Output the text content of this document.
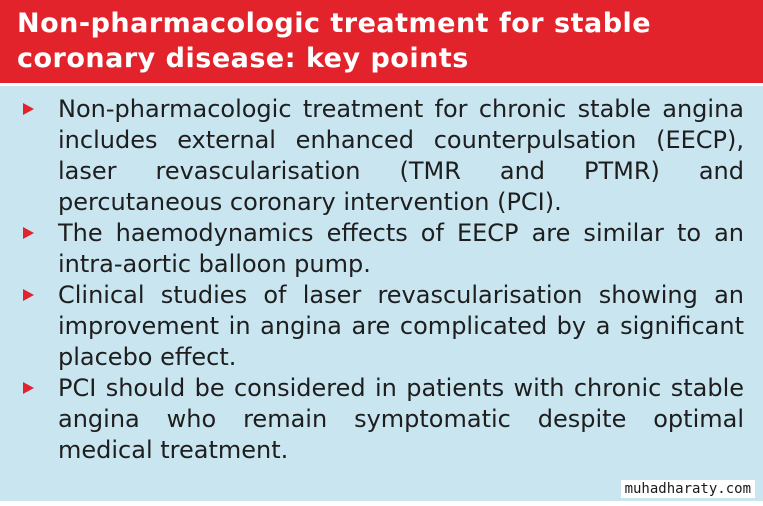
Non-pharmacologic treatment for stable coronary disease: key points
Non-pharmacologic treatment for chronic stable angina includes external enhanced counterpulsation (EECP), laser revascularisation (TMR and PTMR) and percutaneous coronary intervention (PCI).
The haemodynamics effects of EECP are similar to an intra-aortic balloon pump.
Clinical studies of laser revascularisation showing an improvement in angina are complicated by a significant placebo effect.
PCI should be considered in patients with chronic stable angina who remain symptomatic despite optimal medical treatment.
muhadharaty.com
